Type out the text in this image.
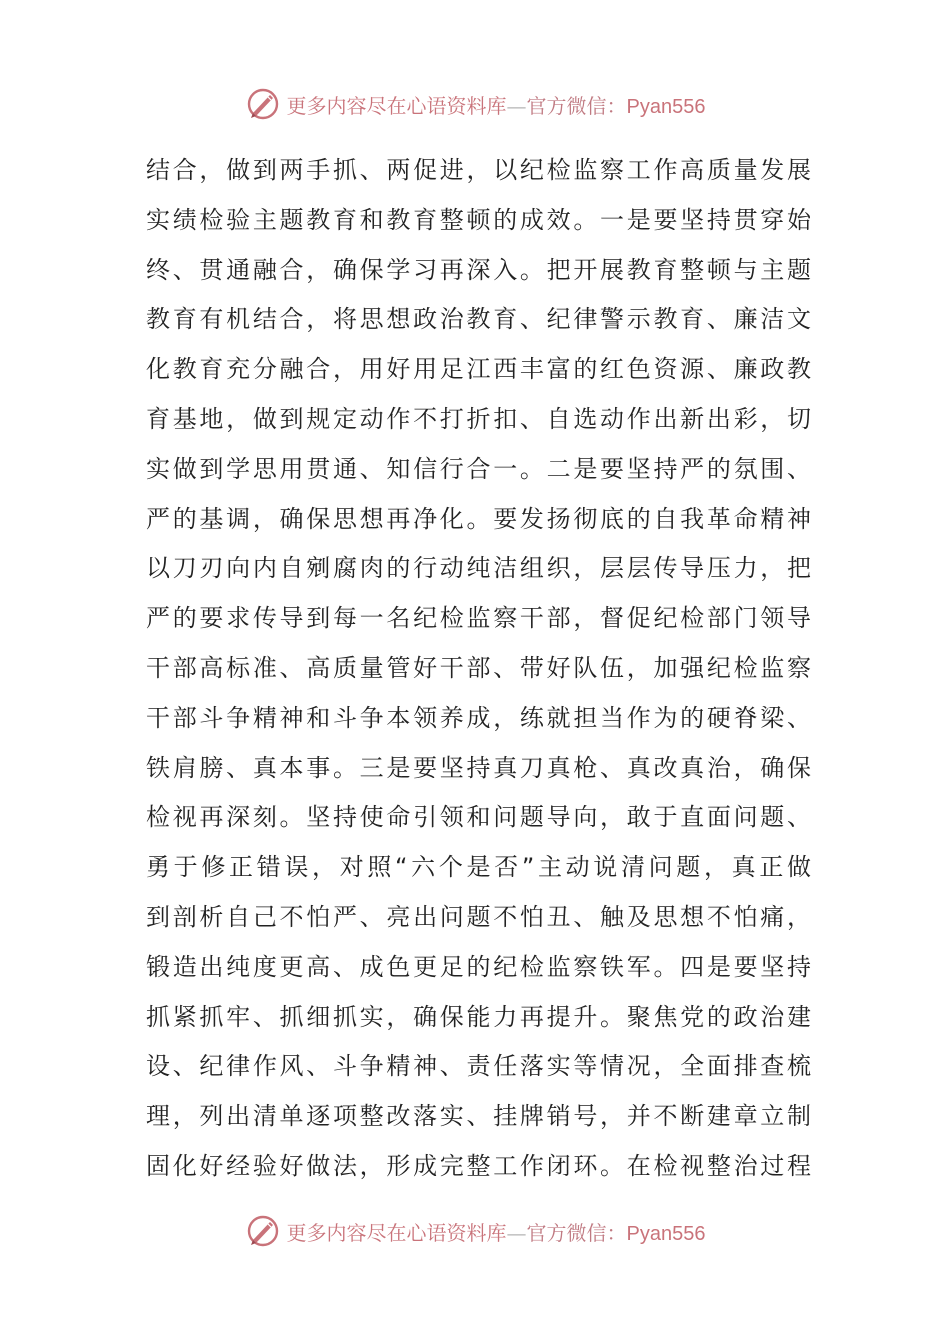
更多内容尽在心语资料库—官方微信：Pyan556
结合，做到两手抓、两促进，以纪检监察工作高质量发展
实绩检验主题教育和教育整顿的成效。一是要坚持贯穿始
终、贯通融合，确保学习再深入。把开展教育整顿与主题
教育有机结合，将思想政治教育、纪律警示教育、廉洁文
化教育充分融合，用好用足江西丰富的红色资源、廉政教
育基地，做到规定动作不打折扣、自选动作出新出彩，切
实做到学思用贯通、知信行合一。二是要坚持严的氛围、
严的基调，确保思想再净化。要发扬彻底的自我革命精神
以刀刃向内自剜腐肉的行动纯洁组织，层层传导压力，把
严的要求传导到每一名纪检监察干部，督促纪检部门领导
干部高标准、高质量管好干部、带好队伍，加强纪检监察
干部斗争精神和斗争本领养成，练就担当作为的硬脊梁、
铁肩膀、真本事。三是要坚持真刀真枪、真改真治，确保
检视再深刻。坚持使命引领和问题导向，敢于直面问题、
勇于修正错误，对照“六个是否”主动说清问题，真正做
到剖析自己不怕严、亮出问题不怕丑、触及思想不怕痛，
锻造出纯度更高、成色更足的纪检监察铁军。四是要坚持
抓紧抓牢、抓细抓实，确保能力再提升。聚焦党的政治建
设、纪律作风、斗争精神、责任落实等情况，全面排查梳
理，列出清单逐项整改落实、挂牌销号，并不断建章立制
固化好经验好做法，形成完整工作闭环。在检视整治过程
更多内容尽在心语资料库—官方微信：Pyan556
